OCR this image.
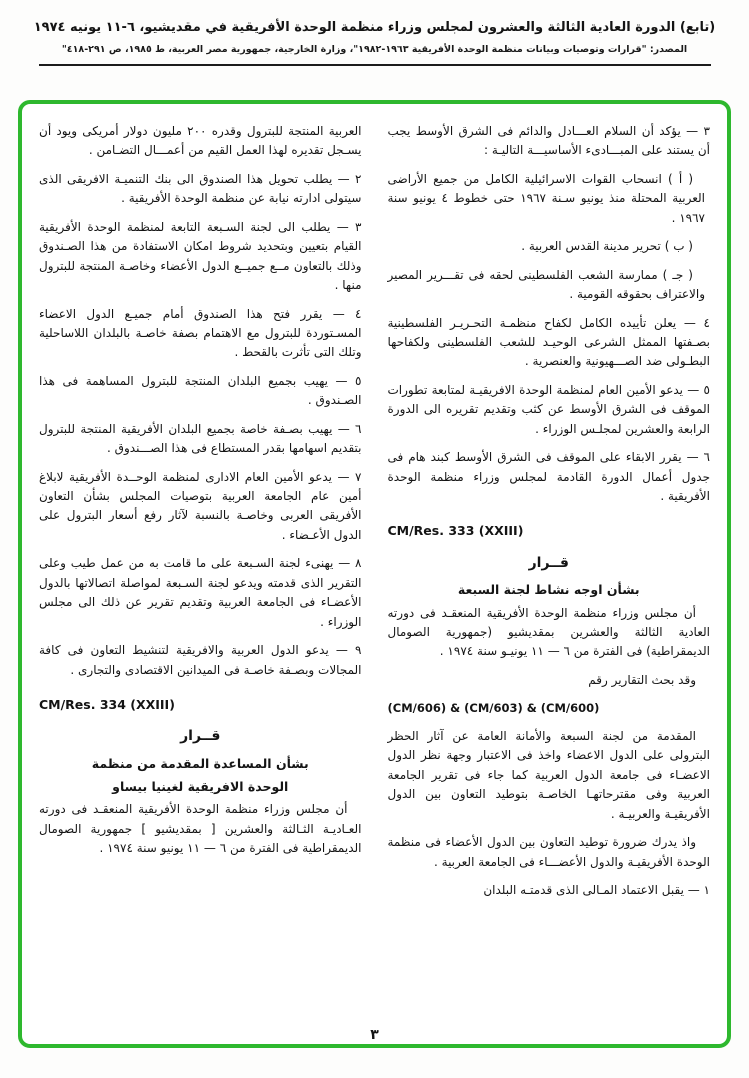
(تابع) الدورة العادية الثالثة والعشرون لمجلس وزراء منظمة الوحدة الأفريقية في مقديشيو، ٦-١١ يونيه ١٩٧٤
المصدر: "قرارات وتوصيات وبيانات منظمة الوحدة الأفريقية ١٩٦٣-١٩٨٢"، وزارة الخارجية، جمهورية مصر العربية، ط ١٩٨٥، ص ٢٩١-٤١٨"
٣ — يؤكد أن السلام العـــادل والدائم فى الشرق الأوسط يجب أن يستند على المبـــادىء الأساسيـــة التاليـة :
( أ ) انسحاب القوات الاسرائيلية الكامل من جميع الأراضى العربية المحتلة منذ يونيو سـنة ١٩٦٧ حتى خطوط ٤ يونيو سنة ١٩٦٧ .
( ب ) تحرير مدينة القدس العربية .
( جـ ) ممارسة الشعب الفلسطينى لحقه فى تقـــرير المصير والاعتراف بحقوقه القومية .
٤ — يعلن تأييده الكامل لكفاح منظمـة التحـريـر الفلسطينية بصـفتها الممثل الشرعى الوحيـد للشعب الفلسطينى ولكفاحها البطـولى ضد الصـــهيونية والعنصرية .
٥ — يدعو الأمين العام لمنظمة الوحدة الافريقيـة لمتابعة تطورات الموقف فى الشرق الأوسط عن كثب وتقديم تقريره الى الدورة الرابعة والعشرين لمجلـس الوزراء .
٦ — يقرر الابقاء على الموقف فى الشرق الأوسط كبند هام فى جدول أعمال الدورة القادمة لمجلس وزراء منظمة الوحدة الأفريقية .
CM/Res. 333 (XXIII)
قــرار
بشأن اوجه نشاط لجنة السبعة
أن مجلس وزراء منظمة الوحدة الأفريقية المنعقـد فى دورته العادية الثالثة والعشرين بمقديشيو (جمهورية الصومال الديمقراطية) فى الفترة من ٦ — ١١ يونيـو سنة ١٩٧٤ .
وقد بحث التقارير رقم
(CM/606) & (CM/603) & (CM/600)
المقدمة من لجنة السبعة والأمانة العامة عن آثار الحظر البترولى على الدول الاعضاء واخذ فى الاعتبار وجهة نظر الدول الاعضـاء فى جامعة الدول العربية كما جاء فى تقرير الجامعة العربية وفى مقترحاتهـا الخاصـة بتوطيد التعاون بين الدول الأفريقيـة والعربيـة .
واذ يدرك ضرورة توطيد التعاون بين الدول الأعضاء فى منظمة الوحدة الأفريقيـة والدول الأعضـــاء فى الجامعة العربية .
١ — يقبل الاعتماد المـالى الذى قدمتـه البلدان
العربية المنتجة للبترول وقدره ٢٠٠ مليون دولار أمريكى ويود أن يسـجل تقديره لهذا العمل القيم من أعمـــال التضـامن .
٢ — يطلب تحويل هذا الصندوق الى بنك التنميـة الافريقى الذى سيتولى ادارته نيابة عن منظمة الوحدة الأفريقية .
٣ — يطلب الى لجنة السـبعة التابعة لمنظمة الوحدة الأفريقية القيام بتعيين وبتحديد شروط امكان الاستفادة من هذا الصـندوق وذلك بالتعاون مــع جميــع الدول الأعضاء وخاصـة المنتجة للبترول منها .
٤ — يقرر فتح هذا الصندوق أمام جميـع الدول الاعضاء المسـتوردة للبترول مع الاهتمام بصفة خاصـة بالبلدان اللاساحلية وتلك التى تأثرت بالقحط .
٥ — يهيب بجميع البلدان المنتجة للبترول المساهمة فى هذا الصـندوق .
٦ — يهيب بصـفة خاصة بجميع البلدان الأفريقية المنتجة للبترول بتقديم اسهامها بقدر المستطاع فى هذا الصـــندوق .
٧ — يدعو الأمين العام الادارى لمنظمة الوحــدة الأفريقية لابلاغ أمين عام الجامعة العربية بتوصيات المجلس بشأن التعاون الأفريقى العربى وخاصـة بالنسبة لآثار رفع أسعار البترول على الدول الأعـضاء .
٨ — يهنىء لجنة السـبعة على ما قامت به من عمل طيب وعلى التقرير الذى قدمته ويدعو لجنة السـبعة لمواصلة اتصالاتها بالدول الأعضـاء فى الجامعة العربية وتقديم تقرير عن ذلك الى مجلس الوزراء .
٩ — يدعو الدول العربية والافريقية لتنشيط التعاون فى كافة المجالات وبصـفة خاصـة فى الميدانين الاقتصادى والتجارى .
CM/Res. 334 (XXIII)
قــرار
بشأن المساعدة المقدمة من منظمة
الوحدة الافريقية لغينيا بيساو
أن مجلس وزراء منظمة الوحدة الأفريقية المنعقـد فى دورته العـاديـة الثـالثة والعشرين [ بمقديشيو ] جمهورية الصومال الديمقراطية فى الفترة من ٦ — ١١ يونيو سنة ١٩٧٤ .
٣
